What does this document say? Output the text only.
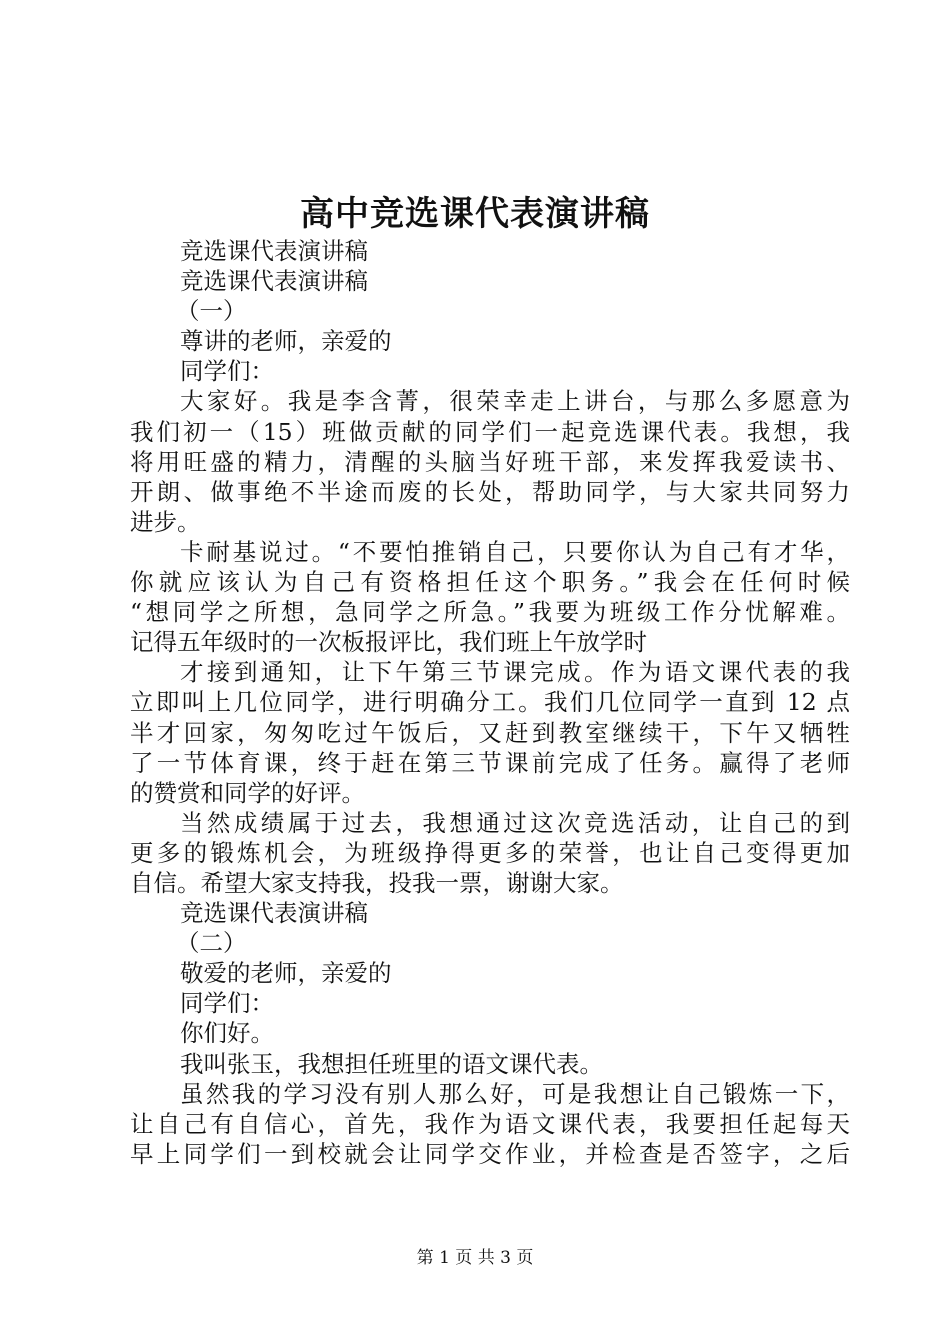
高中竞选课代表演讲稿
竞选课代表演讲稿
竞选课代表演讲稿
（一）
尊讲的老师，亲爱的
同学们：
大家好。我是李含菁，很荣幸走上讲台，与那么多愿意为
我们初一（15）班做贡献的同学们一起竞选课代表。我想，我
将用旺盛的精力，清醒的头脑当好班干部，来发挥我爱读书、
开朗、做事绝不半途而废的长处，帮助同学，与大家共同努力
进步。
卡耐基说过。“不要怕推销自己，只要你认为自己有才华，
你就应该认为自己有资格担任这个职务。”我会在任何时候
“想同学之所想，急同学之所急。”我要为班级工作分忧解难。
记得五年级时的一次板报评比，我们班上午放学时
才接到通知，让下午第三节课完成。作为语文课代表的我
立即叫上几位同学，进行明确分工。我们几位同学一直到 12 点
半才回家，匆匆吃过午饭后，又赶到教室继续干，下午又牺牲
了一节体育课，终于赶在第三节课前完成了任务。赢得了老师
的赞赏和同学的好评。
当然成绩属于过去，我想通过这次竞选活动，让自己的到
更多的锻炼机会，为班级挣得更多的荣誉，也让自己变得更加
自信。希望大家支持我，投我一票，谢谢大家。
竞选课代表演讲稿
（二）
敬爱的老师，亲爱的
同学们：
你们好。
我叫张玉，我想担任班里的语文课代表。
虽然我的学习没有别人那么好，可是我想让自己锻炼一下，
让自己有自信心，首先，我作为语文课代表，我要担任起每天
早上同学们一到校就会让同学交作业，并检查是否签字，之后
第 1 页 共 3 页
